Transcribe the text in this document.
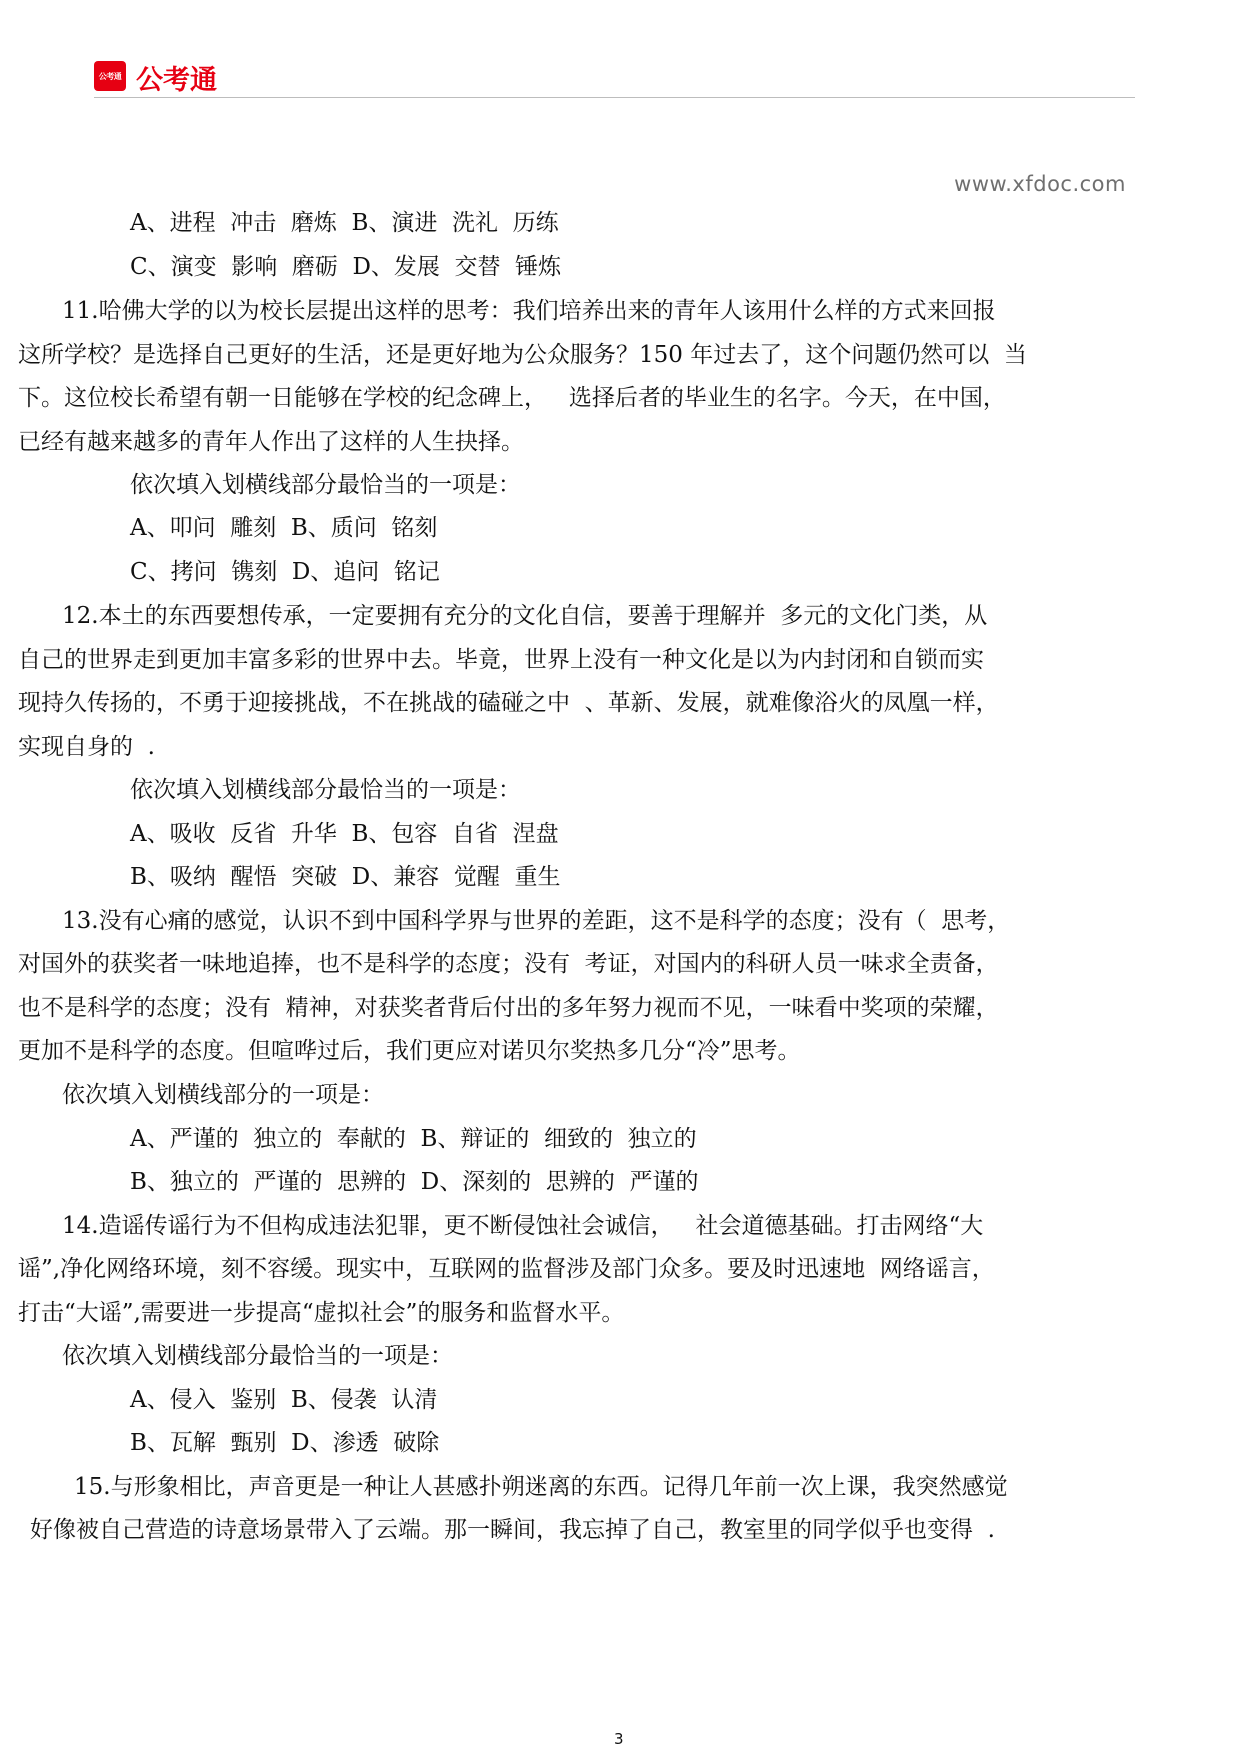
公考通 公考通
www.xfdoc.com
A、进程  冲击  磨炼  B、演进  洗礼  历练
C、演变  影响  磨砺  D、发展  交替  锤炼
11.哈佛大学的以为校长层提出这样的思考：我们培养出来的青年人该用什么样的方式来回报
这所学校？是选择自己更好的生活，还是更好地为公众服务？150 年过去了，这个问题仍然可以  当
下。这位校长希望有朝一日能够在学校的纪念碑上，   选择后者的毕业生的名字。今天，在中国，
已经有越来越多的青年人作出了这样的人生抉择。
依次填入划横线部分最恰当的一项是：
A、叩问  雕刻  B、质问  铭刻
C、拷问  镌刻  D、追问  铭记
12.本土的东西要想传承，一定要拥有充分的文化自信，要善于理解并  多元的文化门类，从
自己的世界走到更加丰富多彩的世界中去。毕竟，世界上没有一种文化是以为内封闭和自锁而实
现持久传扬的，不勇于迎接挑战，不在挑战的磕碰之中  、革新、发展，就难像浴火的凤凰一样，
实现自身的  .
依次填入划横线部分最恰当的一项是：
A、吸收  反省  升华  B、包容  自省  涅盘
B、吸纳  醒悟  突破  D、兼容  觉醒  重生
13.没有心痛的感觉，认识不到中国科学界与世界的差距，这不是科学的态度；没有（  思考，
对国外的获奖者一味地追捧，也不是科学的态度；没有  考证，对国内的科研人员一味求全责备，
也不是科学的态度；没有  精神，对获奖者背后付出的多年努力视而不见，一味看中奖项的荣耀，
更加不是科学的态度。但喧哗过后，我们更应对诺贝尔奖热多几分“冷”思考。
依次填入划横线部分的一项是：
A、严谨的  独立的  奉献的  B、辩证的  细致的  独立的
B、独立的  严谨的  思辨的  D、深刻的  思辨的  严谨的
14.造谣传谣行为不但构成违法犯罪，更不断侵蚀社会诚信，   社会道德基础。打击网络“大
谣”,净化网络环境，刻不容缓。现实中，互联网的监督涉及部门众多。要及时迅速地  网络谣言，
打击“大谣”,需要进一步提高“虚拟社会”的服务和监督水平。
依次填入划横线部分最恰当的一项是：
A、侵入  鉴别  B、侵袭  认清
B、瓦解  甄别  D、渗透  破除
15.与形象相比，声音更是一种让人甚感扑朔迷离的东西。记得几年前一次上课，我突然感觉
好像被自己营造的诗意场景带入了云端。那一瞬间，我忘掉了自己，教室里的同学似乎也变得  .
3
